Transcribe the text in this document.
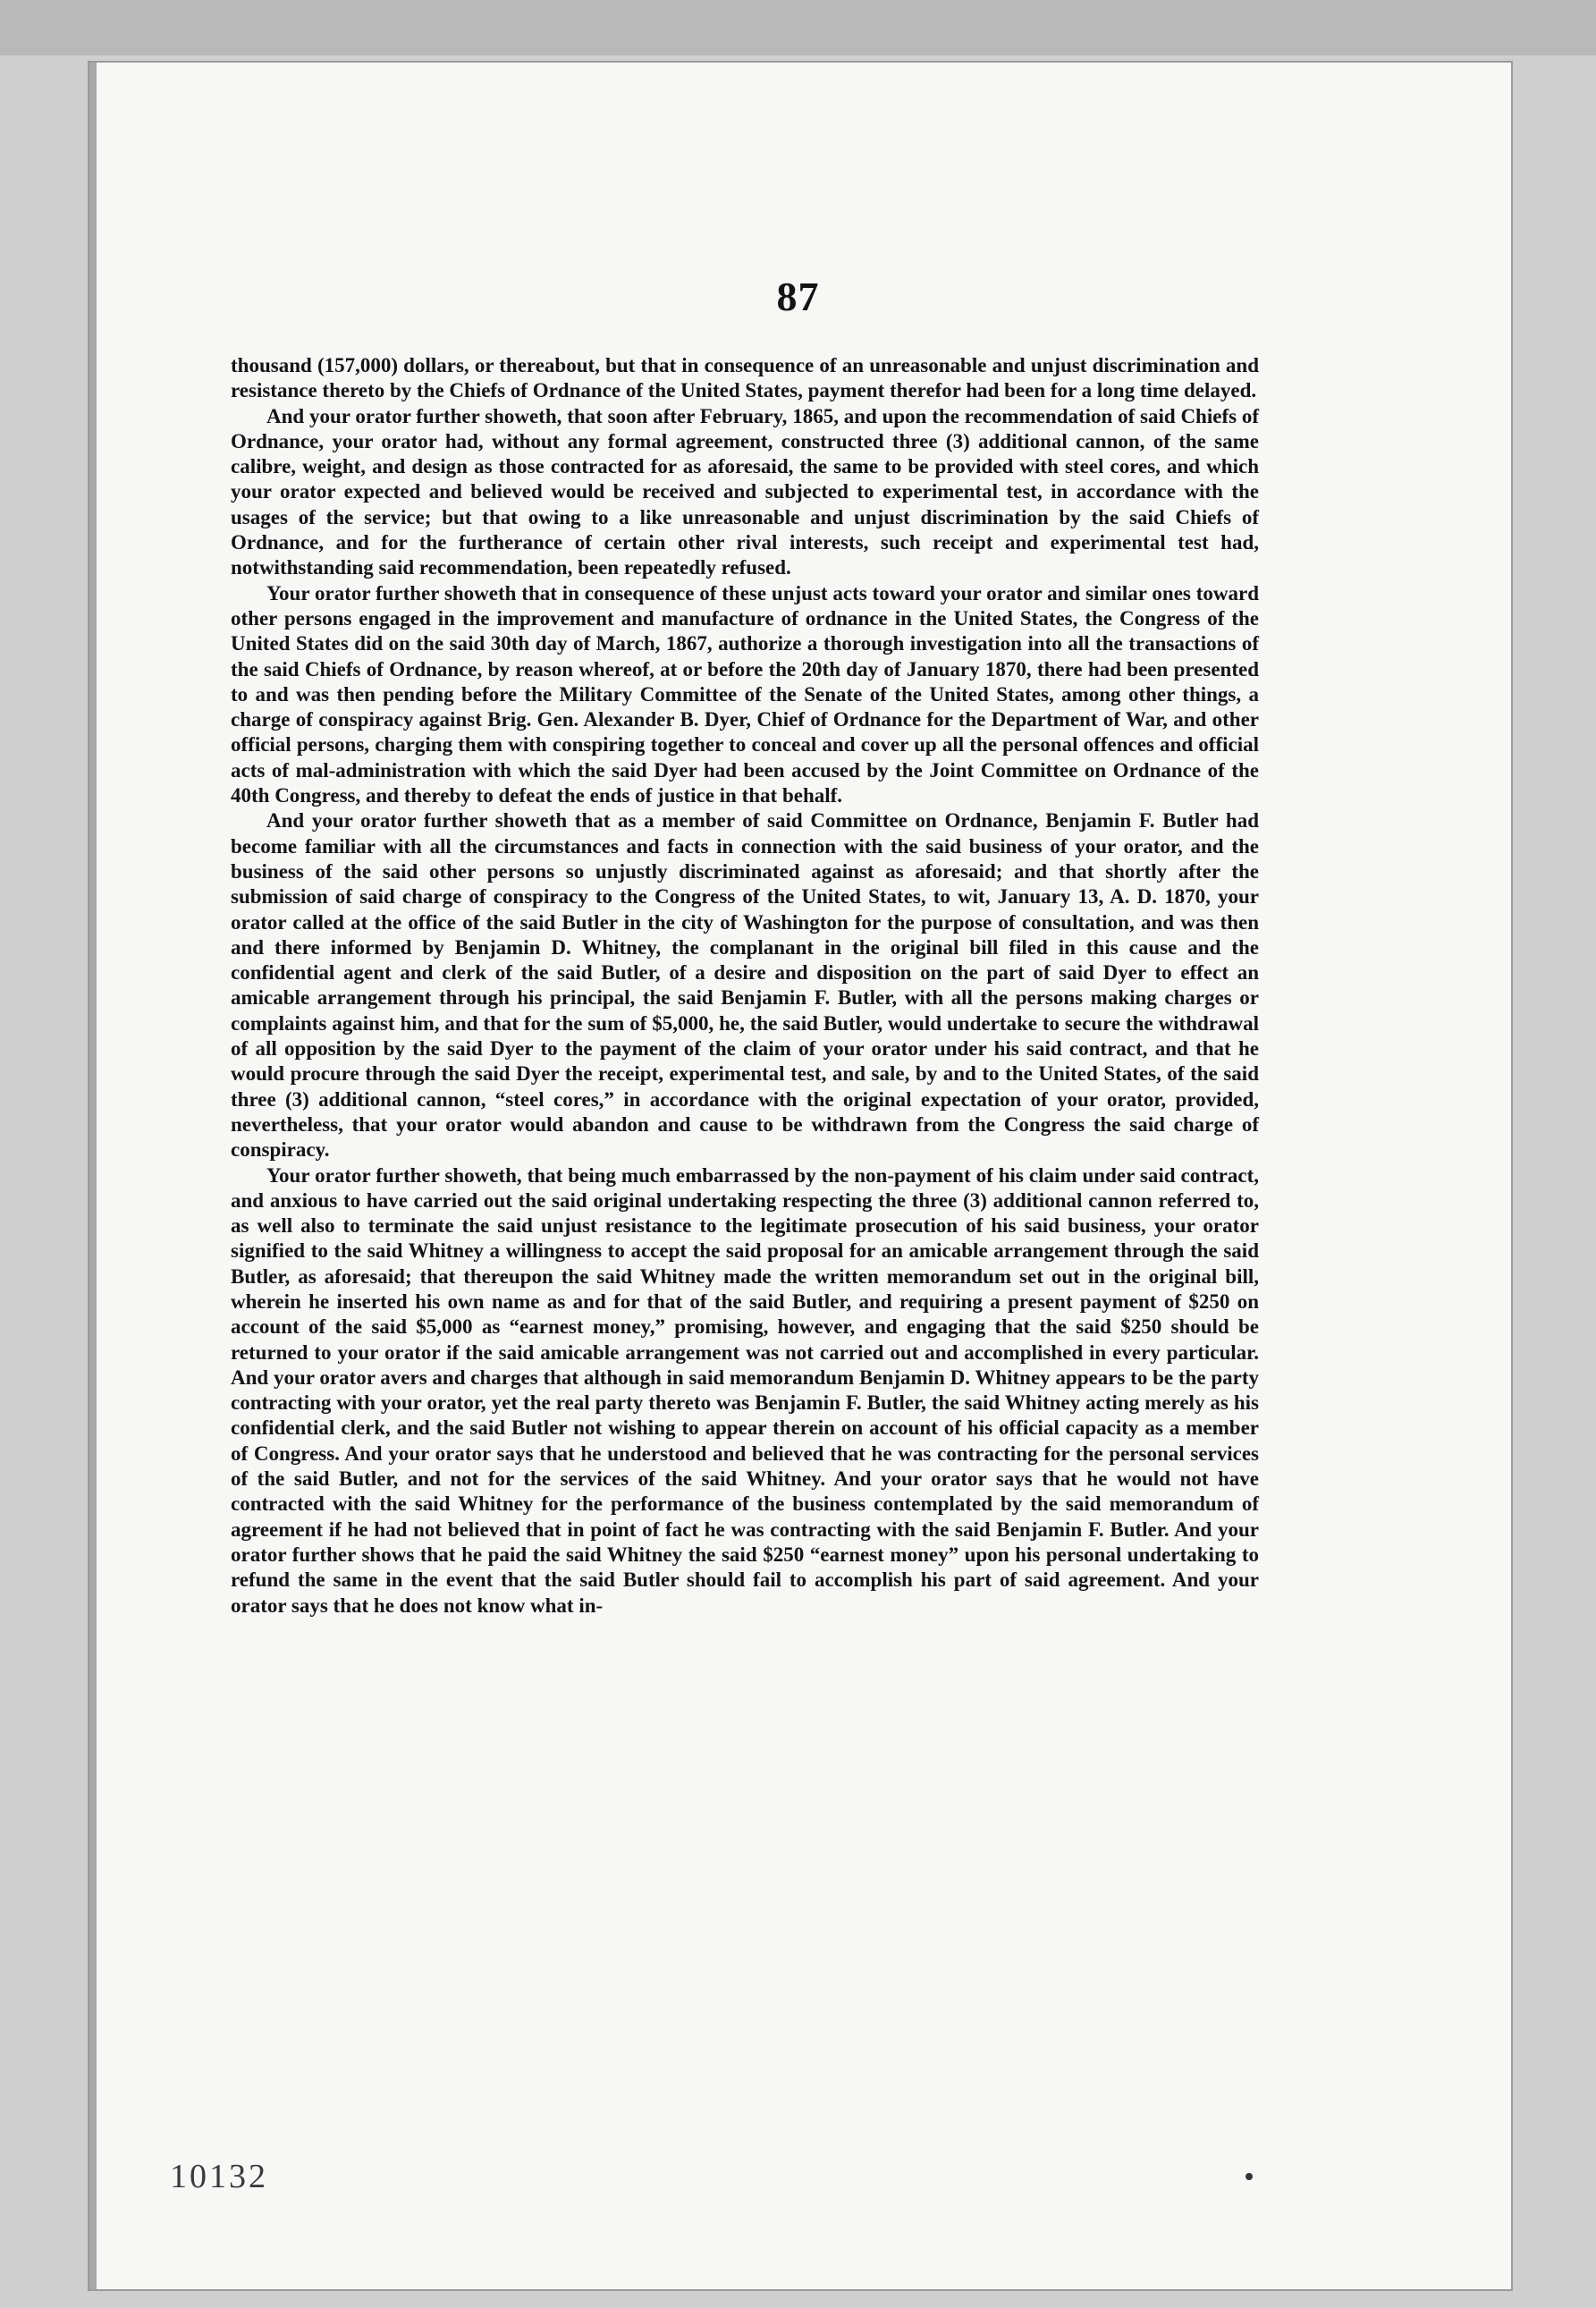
87

thousand (157,000) dollars, or thereabout, but that in consequence of an unreasonable and unjust discrimination and resistance thereto by the Chiefs of Ordnance of the United States, payment therefor had been for a long time delayed.

And your orator further showeth, that soon after February, 1865, and upon the recommendation of said Chiefs of Ordnance, your orator had, without any formal agreement, constructed three (3) additional cannon, of the same calibre, weight, and design as those contracted for as aforesaid, the same to be provided with steel cores, and which your orator expected and believed would be received and subjected to experimental test, in accordance with the usages of the service; but that owing to a like unreasonable and unjust discrimination by the said Chiefs of Ordnance, and for the furtherance of certain other rival interests, such receipt and experimental test had, notwithstanding said recommendation, been repeatedly refused.

Your orator further showeth that in consequence of these unjust acts toward your orator and similar ones toward other persons engaged in the improvement and manufacture of ordnance in the United States, the Congress of the United States did on the said 30th day of March, 1867, authorize a thorough investigation into all the transactions of the said Chiefs of Ordnance, by reason whereof, at or before the 20th day of January 1870, there had been presented to and was then pending before the Military Committee of the Senate of the United States, among other things, a charge of conspiracy against Brig. Gen. Alexander B. Dyer, Chief of Ordnance for the Department of War, and other official persons, charging them with conspiring together to conceal and cover up all the personal offences and official acts of mal-administration with which the said Dyer had been accused by the Joint Committee on Ordnance of the 40th Congress, and thereby to defeat the ends of justice in that behalf.

And your orator further showeth that as a member of said Committee on Ordnance, Benjamin F. Butler had become familiar with all the circumstances and facts in connection with the said business of your orator, and the business of the said other persons so unjustly discriminated against as aforesaid; and that shortly after the submission of said charge of conspiracy to the Congress of the United States, to wit, January 13, A. D. 1870, your orator called at the office of the said Butler in the city of Washington for the purpose of consultation, and was then and there informed by Benjamin D. Whitney, the complanant in the original bill filed in this cause and the confidential agent and clerk of the said Butler, of a desire and disposition on the part of said Dyer to effect an amicable arrangement through his principal, the said Benjamin F. Butler, with all the persons making charges or complaints against him, and that for the sum of $5,000, he, the said Butler, would undertake to secure the withdrawal of all opposition by the said Dyer to the payment of the claim of your orator under his said contract, and that he would procure through the said Dyer the receipt, experimental test, and sale, by and to the United States, of the said three (3) additional cannon, “steel cores,” in accordance with the original expectation of your orator, provided, nevertheless, that your orator would abandon and cause to be withdrawn from the Congress the said charge of conspiracy.

Your orator further showeth, that being much embarrassed by the non-payment of his claim under said contract, and anxious to have carried out the said original undertaking respecting the three (3) additional cannon referred to, as well also to terminate the said unjust resistance to the legitimate prosecution of his said business, your orator signified to the said Whitney a willingness to accept the said proposal for an amicable arrangement through the said Butler, as aforesaid; that thereupon the said Whitney made the written memorandum set out in the original bill, wherein he inserted his own name as and for that of the said Butler, and requiring a present payment of $250 on account of the said $5,000 as “earnest money,” promising, however, and engaging that the said $250 should be returned to your orator if the said amicable arrangement was not carried out and accomplished in every particular. And your orator avers and charges that although in said memorandum Benjamin D. Whitney appears to be the party contracting with your orator, yet the real party thereto was Benjamin F. Butler, the said Whitney acting merely as his confidential clerk, and the said Butler not wishing to appear therein on account of his official capacity as a member of Congress. And your orator says that he understood and believed that he was contracting for the personal services of the said Butler, and not for the services of the said Whitney. And your orator says that he would not have contracted with the said Whitney for the performance of the business contemplated by the said memorandum of agreement if he had not believed that in point of fact he was contracting with the said Benjamin F. Butler. And your orator further shows that he paid the said Whitney the said $250 “earnest money” upon his personal undertaking to refund the same in the event that the said Butler should fail to accomplish his part of said agreement. And your orator says that he does not know what in-

10132
